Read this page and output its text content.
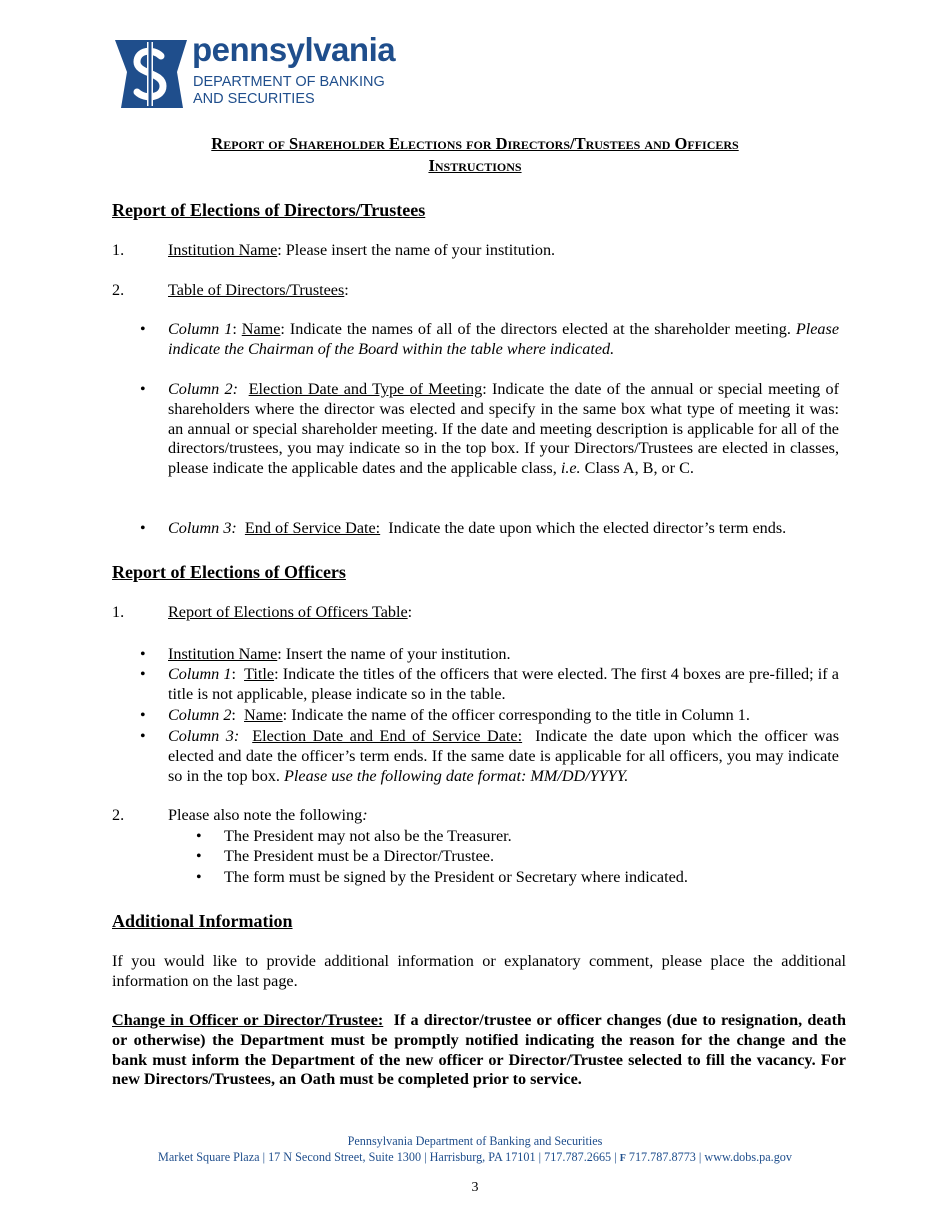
pennsylvania
DEPARTMENT OF BANKING
AND SECURITIES
Report of Shareholder Elections for Directors/Trustees and Officers
Instructions
Report of Elections of Directors/Trustees
1.	Institution Name: Please insert the name of your institution.
2.	Table of Directors/Trustees:
• Column 1: Name: Indicate the names of all of the directors elected at the shareholder meeting. Please indicate the Chairman of the Board within the table where indicated.
• Column 2: Election Date and Type of Meeting: Indicate the date of the annual or special meeting of shareholders where the director was elected and specify in the same box what type of meeting it was: an annual or special shareholder meeting. If the date and meeting description is applicable for all of the directors/trustees, you may indicate so in the top box. If your Directors/Trustees are elected in classes, please indicate the applicable dates and the applicable class, i.e. Class A, B, or C.
• Column 3: End of Service Date: Indicate the date upon which the elected director’s term ends.
Report of Elections of Officers
1.	Report of Elections of Officers Table:
• Institution Name: Insert the name of your institution.
• Column 1:  Title: Indicate the titles of the officers that were elected. The first 4 boxes are pre-filled; if a title is not applicable, please indicate so in the table.
• Column 2:  Name: Indicate the name of the officer corresponding to the title in Column 1.
• Column 3: Election Date and End of Service Date: Indicate the date upon which the officer was elected and date the officer’s term ends. If the same date is applicable for all officers, you may indicate so in the top box. Please use the following date format: MM/DD/YYYY.
2.	Please also note the following:
• The President may not also be the Treasurer.
• The President must be a Director/Trustee.
• The form must be signed by the President or Secretary where indicated.
Additional Information
If you would like to provide additional information or explanatory comment, please place the additional information on the last page.
Change in Officer or Director/Trustee: If a director/trustee or officer changes (due to resignation, death or otherwise) the Department must be promptly notified indicating the reason for the change and the bank must inform the Department of the new officer or Director/Trustee selected to fill the vacancy. For new Directors/Trustees, an Oath must be completed prior to service.
Pennsylvania Department of Banking and Securities
Market Square Plaza | 17 N Second Street, Suite 1300 | Harrisburg, PA 17101 | 717.787.2665 | F 717.787.8773 | www.dobs.pa.gov
3
